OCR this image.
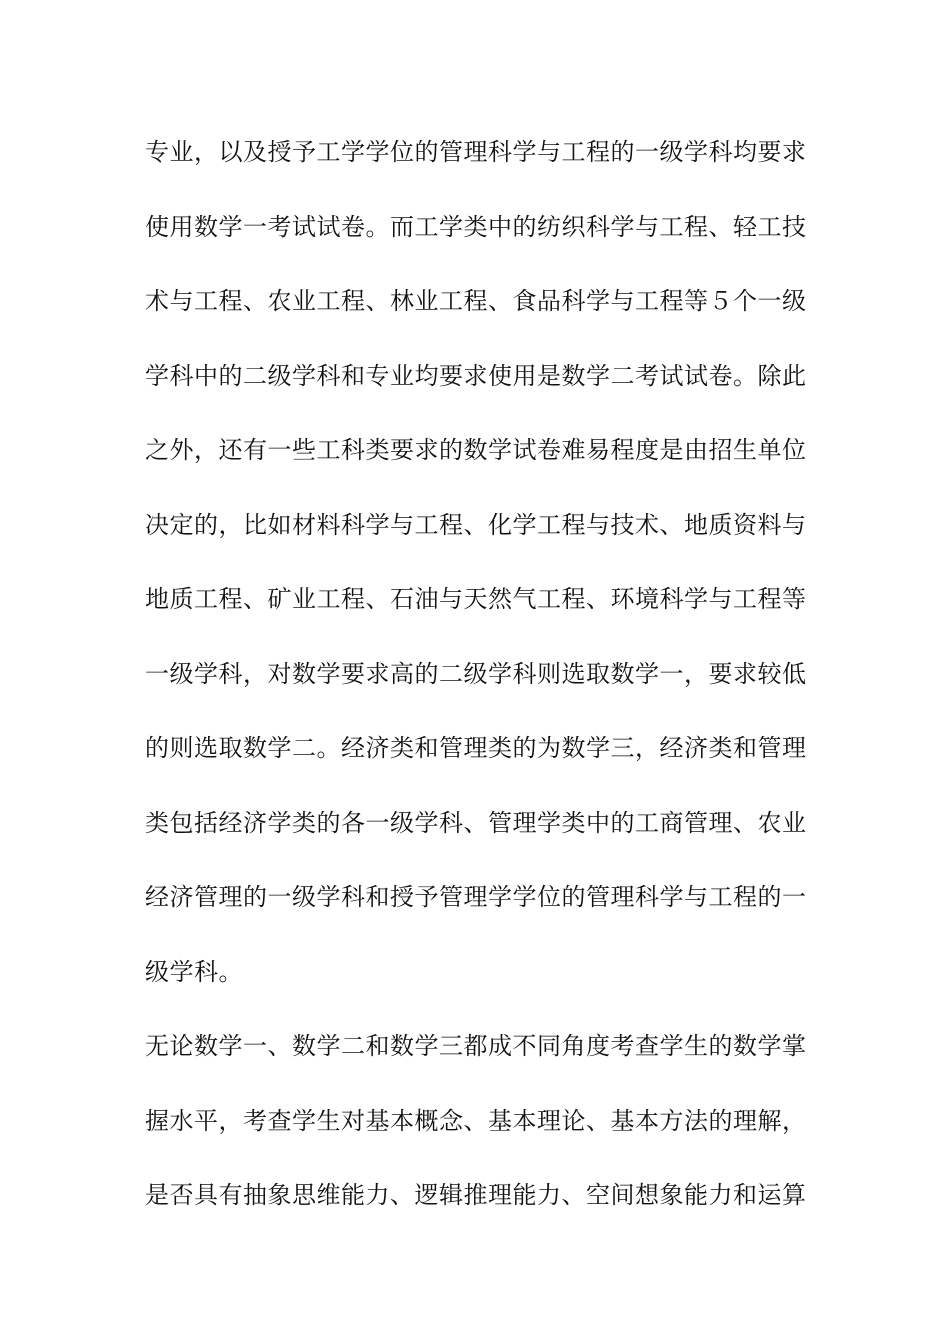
专业，以及授予工学学位的管理科学与工程的一级学科均要求
使用数学一考试试卷。而工学类中的纺织科学与工程、轻工技
术与工程、农业工程、林业工程、食品科学与工程等５个一级
学科中的二级学科和专业均要求使用是数学二考试试卷。除此
之外，还有一些工科类要求的数学试卷难易程度是由招生单位
决定的，比如材料科学与工程、化学工程与技术、地质资料与
地质工程、矿业工程、石油与天然气工程、环境科学与工程等
一级学科，对数学要求高的二级学科则选取数学一，要求较低
的则选取数学二。经济类和管理类的为数学三，经济类和管理
类包括经济学类的各一级学科、管理学类中的工商管理、农业
经济管理的一级学科和授予管理学学位的管理科学与工程的一
级学科。
无论数学一、数学二和数学三都成不同角度考查学生的数学掌
握水平，考查学生对基本概念、基本理论、基本方法的理解，
是否具有抽象思维能力、逻辑推理能力、空间想象能力和运算
